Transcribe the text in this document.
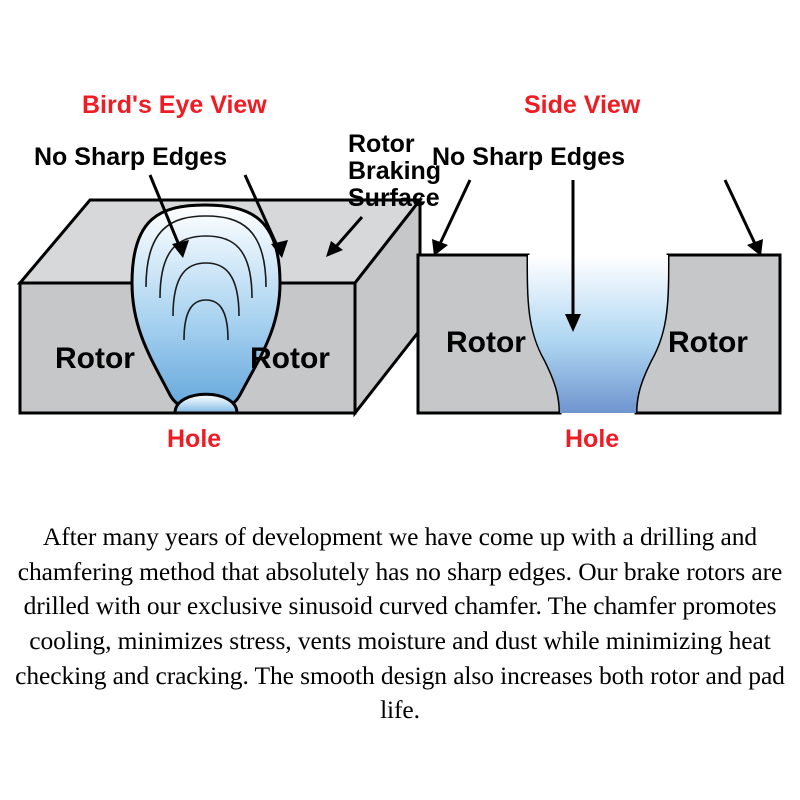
Bird's Eye View
No Sharp Edges	Rotor
Braking
Surface
Rotor	Rotor
Hole
Side View
No Sharp Edges
Rotor	Rotor
Hole
After many years of development we have come up with a drilling and chamfering method that absolutely has no sharp edges. Our brake rotors are drilled with our exclusive sinusoid curved chamfer. The chamfer promotes cooling, minimizes stress, vents moisture and dust while minimizing heat checking and cracking. The smooth design also increases both rotor and pad life.
